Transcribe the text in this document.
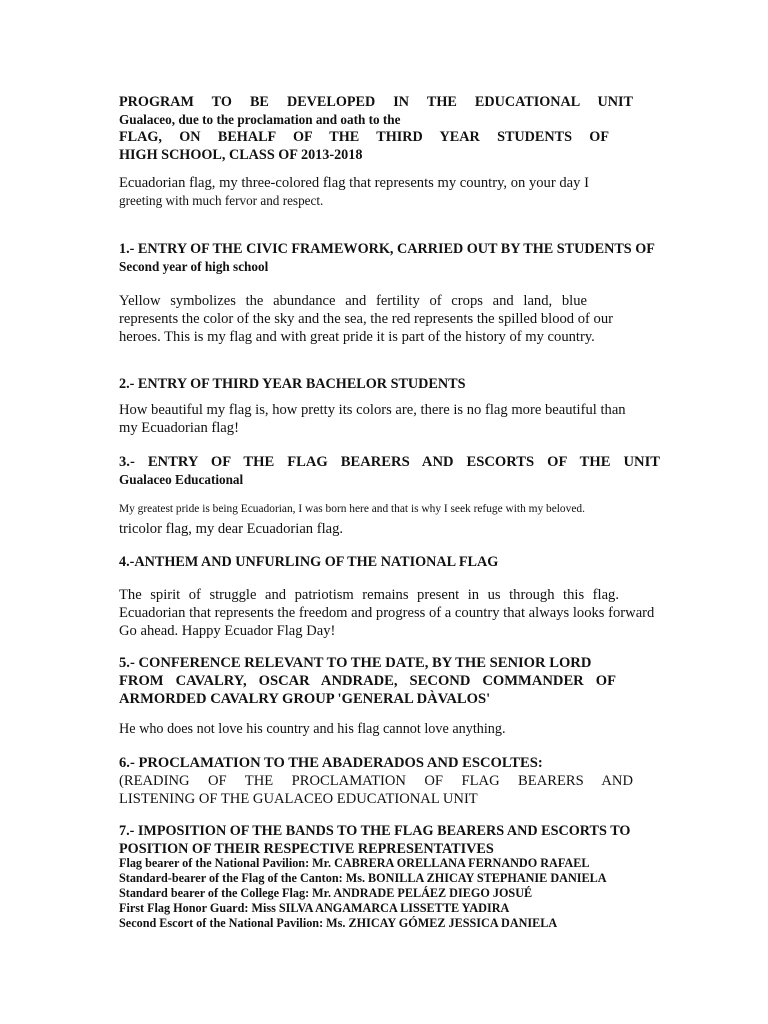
PROGRAM TO BE DEVELOPED IN THE EDUCATIONAL UNIT
Gualaceo, due to the proclamation and oath to the
FLAG, ON BEHALF OF THE THIRD YEAR STUDENTS OF
HIGH SCHOOL, CLASS OF 2013-2018
Ecuadorian flag, my three-colored flag that represents my country, on your day I
greeting with much fervor and respect.
1.- ENTRY OF THE CIVIC FRAMEWORK, CARRIED OUT BY THE STUDENTS OF
Second year of high school
Yellow symbolizes the abundance and fertility of crops and land, blue
represents the color of the sky and the sea, the red represents the spilled blood of our
heroes. This is my flag and with great pride it is part of the history of my country.
2.- ENTRY OF THIRD YEAR BACHELOR STUDENTS
How beautiful my flag is, how pretty its colors are, there is no flag more beautiful than
my Ecuadorian flag!
3.- ENTRY OF THE FLAG BEARERS AND ESCORTS OF THE UNIT
Gualaceo Educational
My greatest pride is being Ecuadorian, I was born here and that is why I seek refuge with my beloved.
tricolor flag, my dear Ecuadorian flag.
4.-ANTHEM AND UNFURLING OF THE NATIONAL FLAG
The spirit of struggle and patriotism remains present in us through this flag.
Ecuadorian that represents the freedom and progress of a country that always looks forward
Go ahead. Happy Ecuador Flag Day!
5.- CONFERENCE RELEVANT TO THE DATE, BY THE SENIOR LORD
FROM CAVALRY, OSCAR ANDRADE, SECOND COMMANDER OF
ARMORDED CAVALRY GROUP 'GENERAL DÀVALOS'
He who does not love his country and his flag cannot love anything.
6.- PROCLAMATION TO THE ABADERADOS AND ESCOLTES:
(READING OF THE PROCLAMATION OF FLAG BEARERS AND
LISTENING OF THE GUALACEO EDUCATIONAL UNIT
7.- IMPOSITION OF THE BANDS TO THE FLAG BEARERS AND ESCORTS TO
POSITION OF THEIR RESPECTIVE REPRESENTATIVES
Flag bearer of the National Pavilion: Mr. CABRERA ORELLANA FERNANDO RAFAEL
Standard-bearer of the Flag of the Canton: Ms. BONILLA ZHICAY STEPHANIE DANIELA
Standard bearer of the College Flag: Mr. ANDRADE PELÁEZ DIEGO JOSUÉ
First Flag Honor Guard: Miss SILVA ANGAMARCA LISSETTE YADIRA
Second Escort of the National Pavilion: Ms. ZHICAY GÓMEZ JESSICA DANIELA
